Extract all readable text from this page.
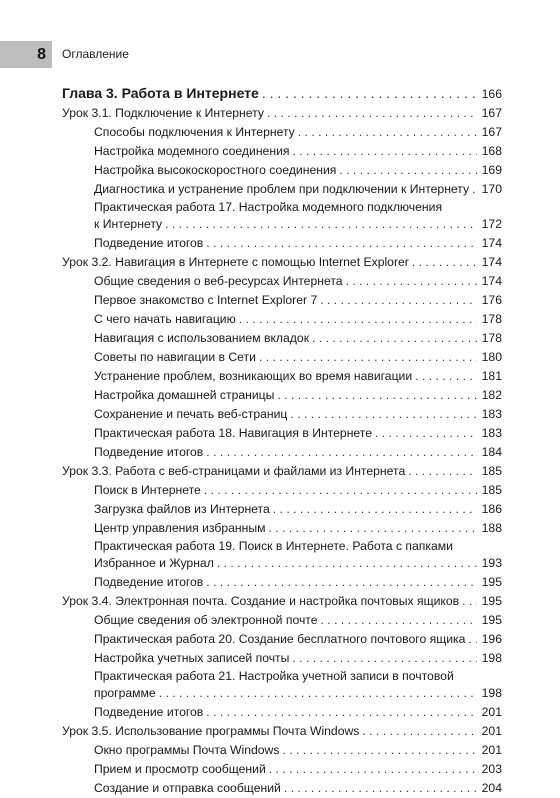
8 Оглавление
Глава 3. Работа в Интернете . . .	166
Урок 3.1. Подключение к Интернету . . .	167
Способы подключения к Интернету . . .	167
Настройка модемного соединения . . .	168
Настройка высокоскоростного соединения . . .	169
Диагностика и устранение проблем при подключении к Интернету . . . 170
Практическая работа 17. Настройка модемного подключения
к Интернету . . .	172
Подведение итогов . . .	174
Урок 3.2. Навигация в Интернете с помощью Internet Explorer . . .	174
Общие сведения о веб-ресурсах Интернета . . .	174
Первое знакомство с Internet Explorer 7 . . .	176
С чего начать навигацию . . .	178
Навигация с использованием вкладок . . .	178
Советы по навигации в Сети . . .	180
Устранение проблем, возникающих во время навигации . . .	181
Настройка домашней страницы . . .	182
Сохранение и печать веб-страниц . . .	183
Практическая работа 18. Навигация в Интернете . . .	183
Подведение итогов . . .	184
Урок 3.3. Работа с веб-страницами и файлами из Интернета . . .	185
Поиск в Интернете . . .	185
Загрузка файлов из Интернета . . .	186
Центр управления избранным . . .	188
Практическая работа 19. Поиск в Интернете. Работа с папками
Избранное и Журнал . . .	193
Подведение итогов . . .	195
Урок 3.4. Электронная почта. Создание и настройка почтовых ящиков . . . 195
Общие сведения об электронной почте . . .	195
Практическая работа 20. Создание бесплатного почтового ящика . . . 196
Настройка учетных записей почты . . .	198
Практическая работа 21. Настройка учетной записи в почтовой
программе . . .	198
Подведение итогов . . .	201
Урок 3.5. Использование программы Почта Windows . . .	201
Окно программы Почта Windows . . .	201
Прием и просмотр сообщений . . .	203
Создание и отправка сообщений . . .	204
